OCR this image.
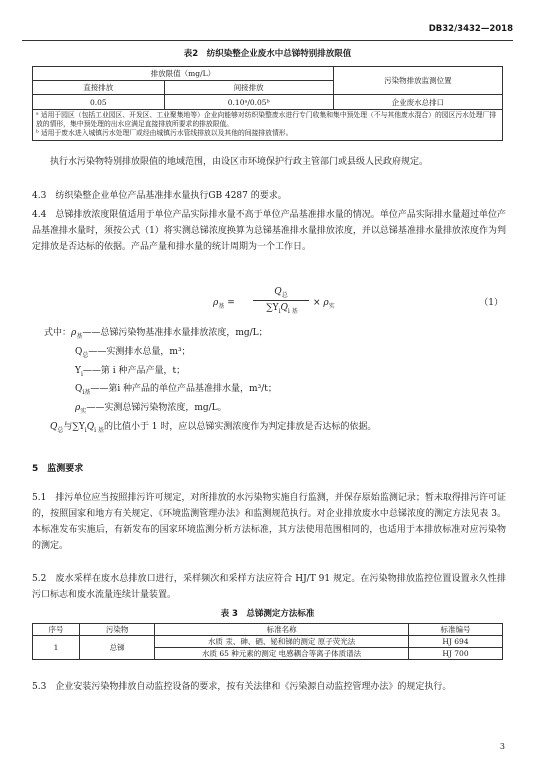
DB32/3432—2018
表2　纺织染整企业废水中总锑特别排放限值
排放限值（mg/L）		污染物排放监测位置
直接排放	间接排放	
0.05	0.10ᵃ/0.05ᵇ	企业废水总排口

ᵃ 适用于园区（包括工业园区、开发区、工业聚集地等）企业向能够对纺织染整废水进行专门收集和集中预处理（不与其他废水混合）的园区污水处理厂排放的情形，集中预处理的出水应满足直接排放所要求的排放限值。
ᵇ 适用于废水进入城镇污水处理厂或经由城镇污水管线排放以及其他的间接排放情形。		
执行水污染物特别排放限值的地域范围，由设区市环境保护行政主管部门或县级人民政府规定。
4.3　纺织染整企业单位产品基准排水量执行GB 4287 的要求。
4.4　总锑排放浓度限值适用于单位产品实际排水量不高于单位产品基准排水量的情况。单位产品实际排水量超过单位产品基准排水量时，须按公式（1）将实测总锑浓度换算为总锑基准排水量排放浓度，并以总锑基准排水量排放浓度作为判定排放是否达标的依据。产品产量和排水量的统计周期为一个工作日。
$\rho_基$ =
$Q_总$
$\sum Y_iQ_{i 基}$
× $\rho_实$	（1）
式中：$\rho_基——$总锑污染物基准排水量排放浓度，mg/L；
$Q_总——$实测排水总量，m³；
$Y_i——$第 i 种产品产量，t；
$Q_{i基}——$第i 种产品的单位产品基准排水量，m³/t；
$\rho_实——$实测总锑污染物浓度，mg/L。
$Q_总$与$\sum Y_iQ_{i 基}$的比值小于 1 时，应以总锑实测浓度作为判定排放是否达标的依据。
5　监测要求
5.1　排污单位应当按照排污许可规定，对所排放的水污染物实施自行监测，并保存原始监测记录；暂未取得排污许可证的，按照国家和地方有关规定、《环境监测管理办法》和监测规范执行。对企业排放废水中总锑浓度的测定方法见表 3。本标准发布实施后，有新发布的国家环境监测分析方法标准，其方法使用范围相同的，也适用于本排放标准对应污染物的测定。
5.2　废水采样在废水总排放口进行，采样频次和采样方法应符合 HJ/T 91 规定。在污染物排放监控位置设置永久性排污口标志和废水流量连续计量装置。
表 3　总锑测定方法标准
序号	污染物	标准名称	标准编号
1	总锑	水质 汞、砷、硒、铋和锑的测定 原子荧光法	HJ 694
		水质 65 种元素的测定 电感耦合等离子体质谱法	HJ 700
5.3　企业安装污染物排放自动监控设备的要求，按有关法律和《污染源自动监控管理办法》的规定执行。
3
